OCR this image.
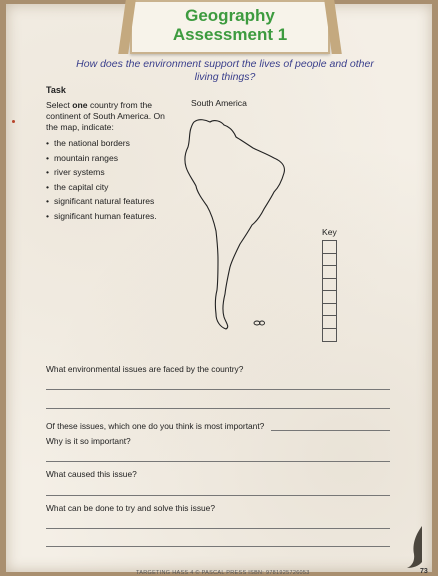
Geography
Assessment 1
How does the environment support the lives of people and other living things?
Task
Select one country from the continent of South America. On the map, indicate:
• the national borders
• mountain ranges
• river systems
• the capital city
• significant natural features
• significant human features.
South America
Key
What environmental issues are faced by the country?
Of these issues, which one do you think is most important?
Why is it so important?
What caused this issue?
What can be done to try and solve this issue?
TARGETING HASS 4 © PASCAL PRESS ISBN: 9781925726053	73
